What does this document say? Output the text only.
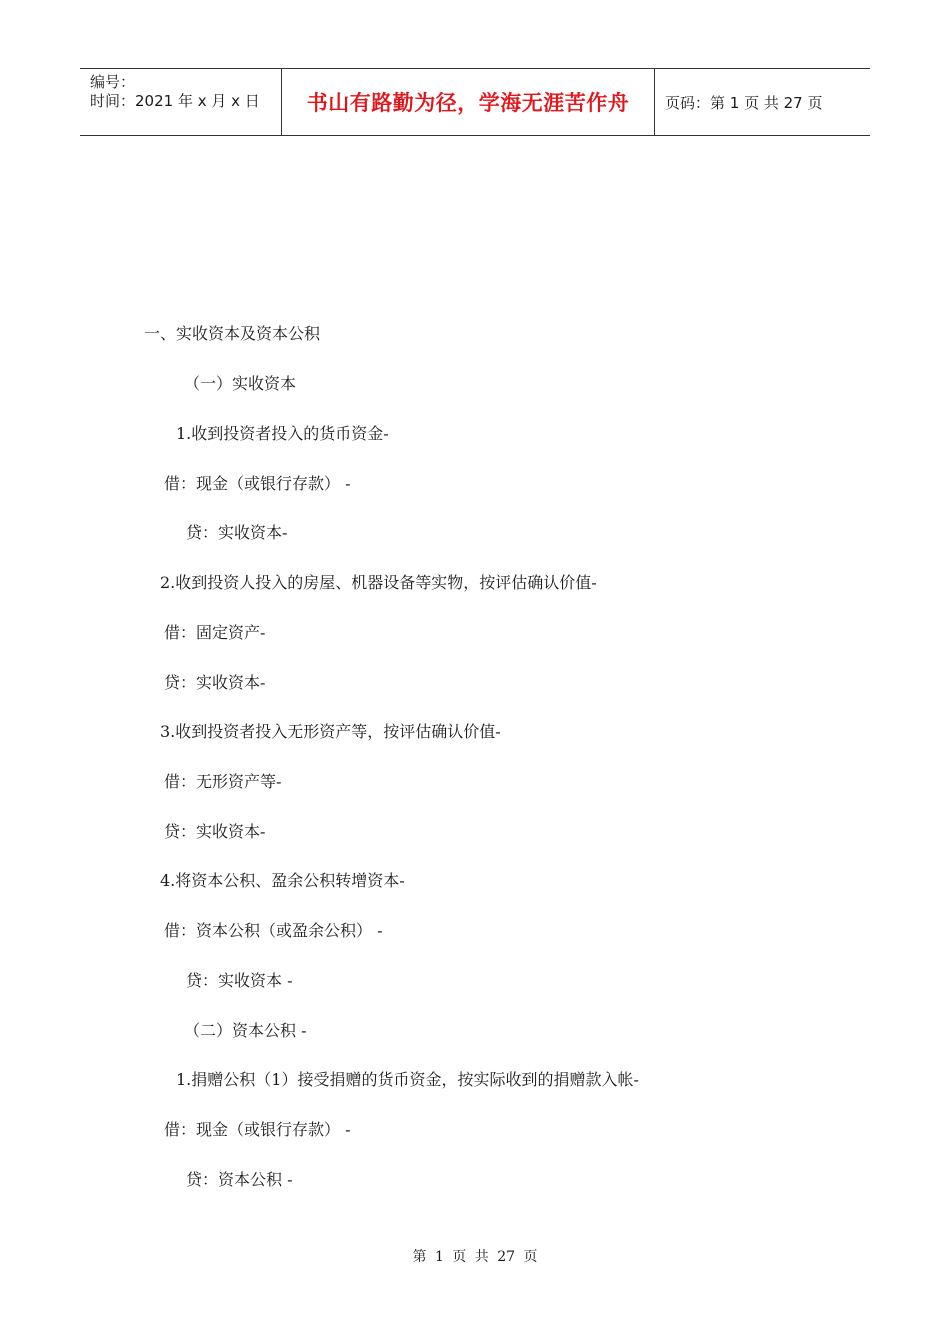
编号：
时间：2021 年 x 月 x 日	书山有路勤为径，学海无涯苦作舟	页码：第 1 页 共 27 页
一、实收资本及资本公积
（一）实收资本
1.收到投资者投入的货币资金-
借：现金（或银行存款） -
贷：实收资本-
2.收到投资人投入的房屋、机器设备等实物，按评估确认价值-
借：固定资产-
贷：实收资本-
3.收到投资者投入无形资产等，按评估确认价值-
借：无形资产等-
贷：实收资本-
4.将资本公积、盈余公积转增资本-
借：资本公积（或盈余公积） -
贷：实收资本 -
（二）资本公积 -
1.捐赠公积（1）接受捐赠的货币资金，按实际收到的捐赠款入帐-
借：现金（或银行存款） -
贷：资本公积 -
第 1 页 共 27 页
